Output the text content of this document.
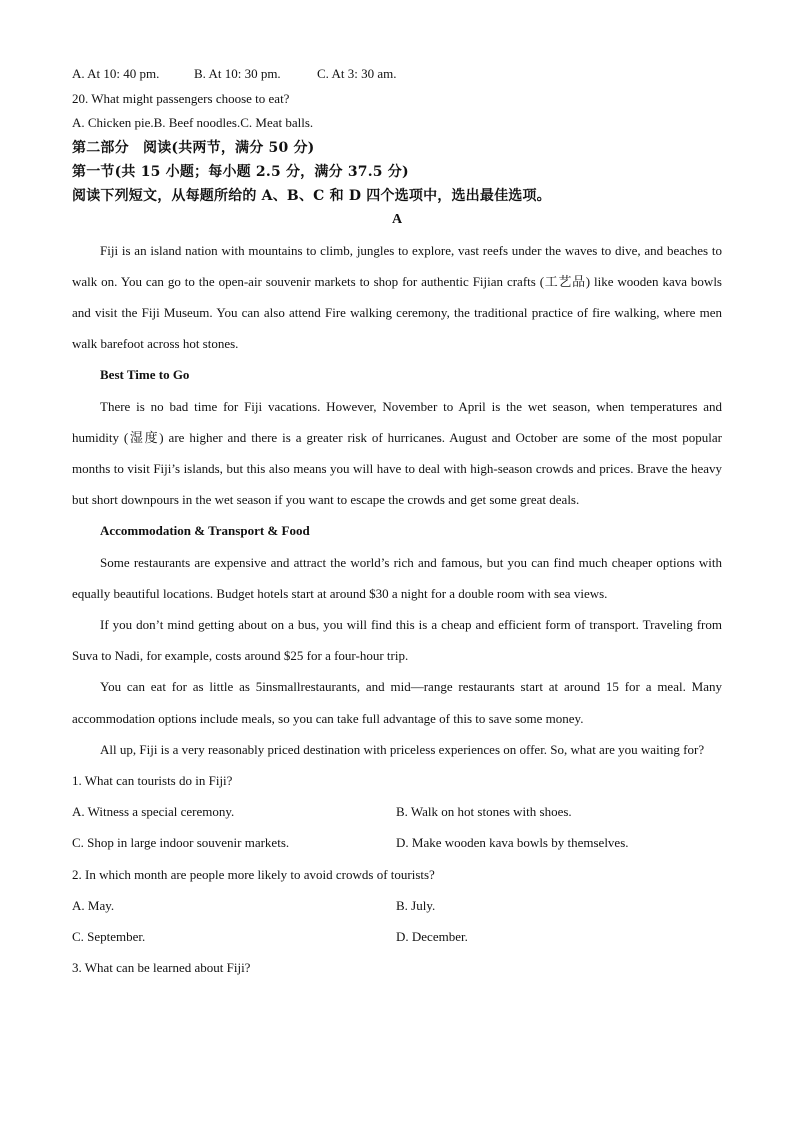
A. At 10: 40 pm.	B. At 10: 30 pm.	C. At 3: 30 am.
20. What might passengers choose to eat?
A. Chicken pie.B. Beef noodles.C. Meat balls.
第二部分　阅读(共两节，满分 50 分)
第一节(共 15 小题；每小题 2.5 分，满分 37.5 分)
阅读下列短文，从每题所给的 A、B、C 和 D 四个选项中，选出最佳选项。
A
Fiji is an island nation with mountains to climb, jungles to explore, vast reefs under the waves to dive, and beaches to walk on. You can go to the open-air souvenir markets to shop for authentic Fijian crafts (工艺品) like wooden kava bowls and visit the Fiji Museum. You can also attend Fire walking ceremony, the traditional practice of fire walking, where men walk barefoot across hot stones.
Best Time to Go
There is no bad time for Fiji vacations. However, November to April is the wet season, when temperatures and humidity (湿度) are higher and there is a greater risk of hurricanes. August and October are some of the most popular months to visit Fiji’s islands, but this also means you will have to deal with high-season crowds and prices. Brave the heavy but short downpours in the wet season if you want to escape the crowds and get some great deals.
Accommodation & Transport & Food
Some restaurants are expensive and attract the world’s rich and famous, but you can find much cheaper options with equally beautiful locations. Budget hotels start at around $30 a night for a double room with sea views.
If you don’t mind getting about on a bus, you will find this is a cheap and efficient form of transport. Traveling from Suva to Nadi, for example, costs around $25 for a four-hour trip.
You can eat for as little as 5insmallrestaurants, and mid—range restaurants start at around 15 for a meal. Many accommodation options include meals, so you can take full advantage of this to save some money.
All up, Fiji is a very reasonably priced destination with priceless experiences on offer. So, what are you waiting for?
1. What can tourists do in Fiji?
A. Witness a special ceremony.	B. Walk on hot stones with shoes.
C. Shop in large indoor souvenir markets.	D. Make wooden kava bowls by themselves.
2. In which month are people more likely to avoid crowds of tourists?
A. May.	B. July.
C. September.	D. December.
3. What can be learned about Fiji?
